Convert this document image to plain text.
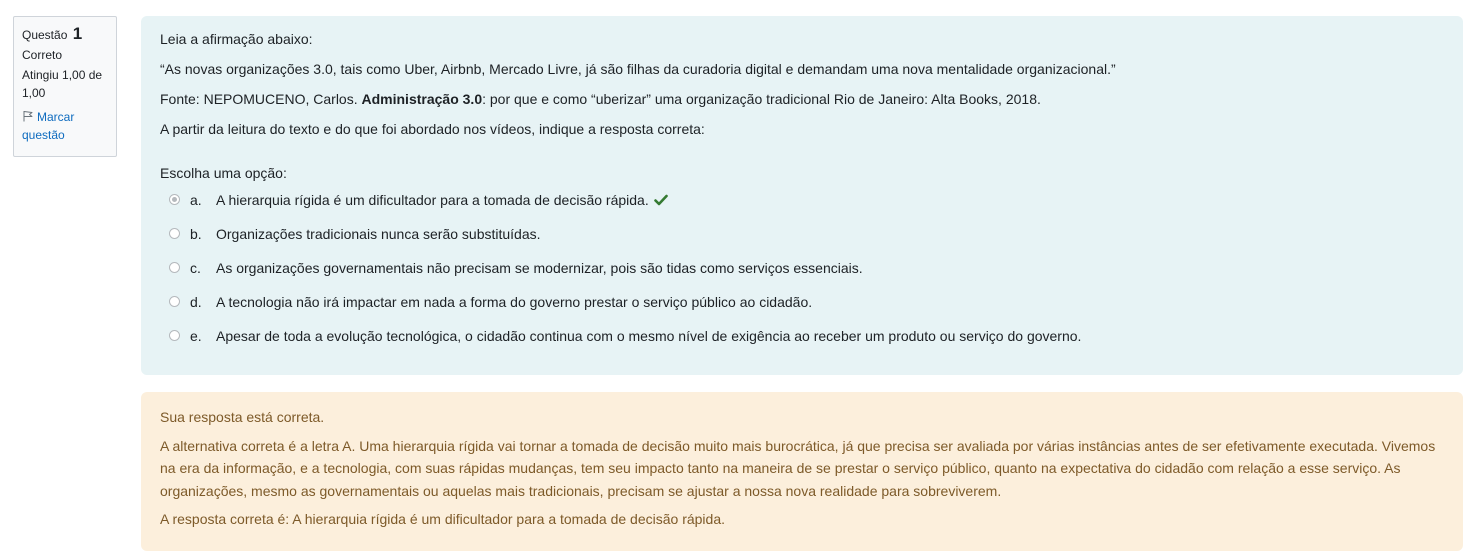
Questão 1
Correto
Atingiu 1,00 de 1,00
Marcar questão

Leia a afirmação abaixo:

“As novas organizações 3.0, tais como Uber, Airbnb, Mercado Livre, já são filhas da curadoria digital e demandam uma nova mentalidade organizacional.”

Fonte: NEPOMUCENO, Carlos. Administração 3.0: por que e como “uberizar” uma organização tradicional Rio de Janeiro: Alta Books, 2018.

A partir da leitura do texto e do que foi abordado nos vídeos, indique a resposta correta:

Escolha uma opção:
a.	A hierarquia rígida é um dificultador para a tomada de decisão rápida.
b.	Organizações tradicionais nunca serão substituídas.
c.	As organizações governamentais não precisam se modernizar, pois são tidas como serviços essenciais.
d.	A tecnologia não irá impactar em nada a forma do governo prestar o serviço público ao cidadão.
e.	Apesar de toda a evolução tecnológica, o cidadão continua com o mesmo nível de exigência ao receber um produto ou serviço do governo.

Sua resposta está correta.

A alternativa correta é a letra A. Uma hierarquia rígida vai tornar a tomada de decisão muito mais burocrática, já que precisa ser avaliada por várias instâncias antes de ser efetivamente executada. Vivemos na era da informação, e a tecnologia, com suas rápidas mudanças, tem seu impacto tanto na maneira de se prestar o serviço público, quanto na expectativa do cidadão com relação a esse serviço. As organizações, mesmo as governamentais ou aquelas mais tradicionais, precisam se ajustar a nossa nova realidade para sobreviverem.

A resposta correta é: A hierarquia rígida é um dificultador para a tomada de decisão rápida.
